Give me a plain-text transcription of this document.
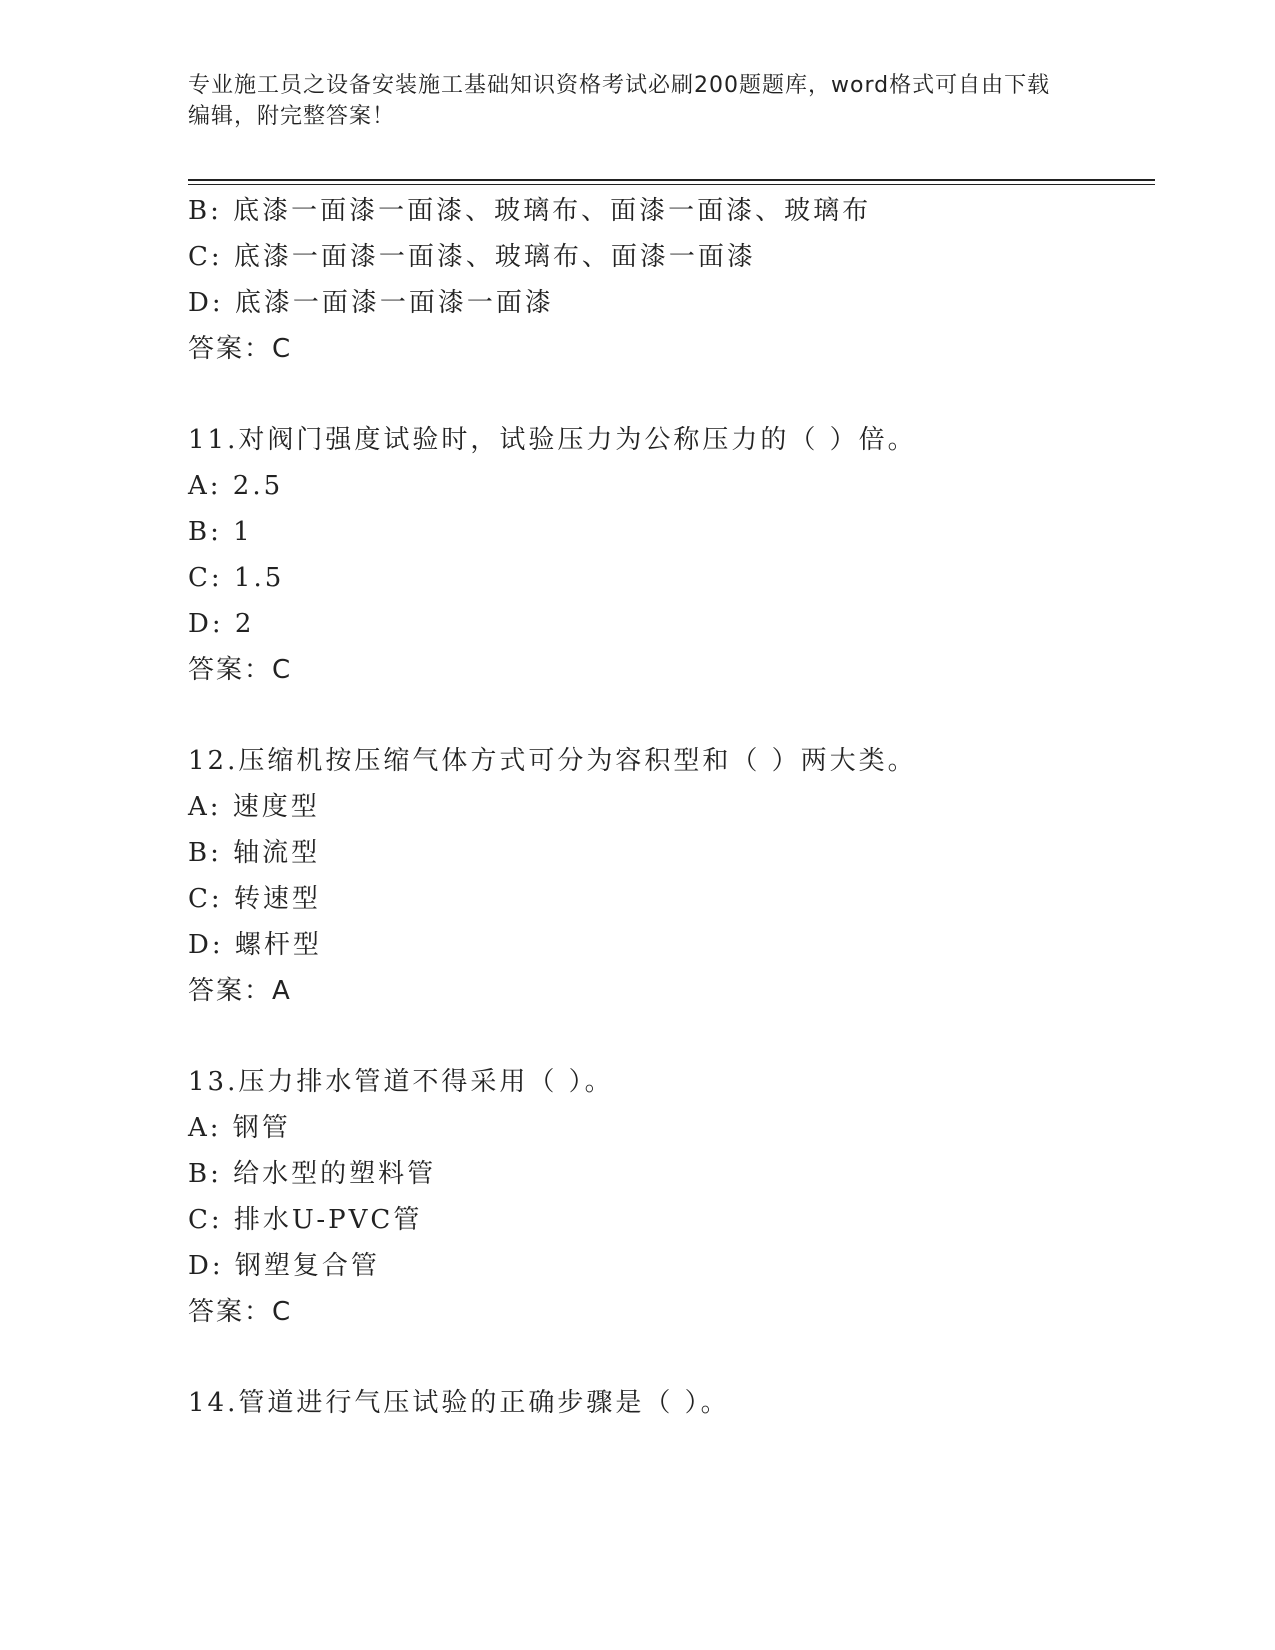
专业施工员之设备安装施工基础知识资格考试必刷200题题库，word格式可自由下载编辑，附完整答案！
B: 底漆一面漆一面漆、玻璃布、面漆一面漆、玻璃布
C: 底漆一面漆一面漆、玻璃布、面漆一面漆
D: 底漆一面漆一面漆一面漆
答案：C
11.对阀门强度试验时，试验压力为公称压力的（ ）倍。
A: 2.5
B: 1
C: 1.5
D: 2
答案：C
12.压缩机按压缩气体方式可分为容积型和（ ）两大类。
A: 速度型
B: 轴流型
C: 转速型
D: 螺杆型
答案：A
13.压力排水管道不得采用（ ）。
A: 钢管
B: 给水型的塑料管
C: 排水U-PVC管
D: 钢塑复合管
答案：C
14.管道进行气压试验的正确步骤是（ ）。
